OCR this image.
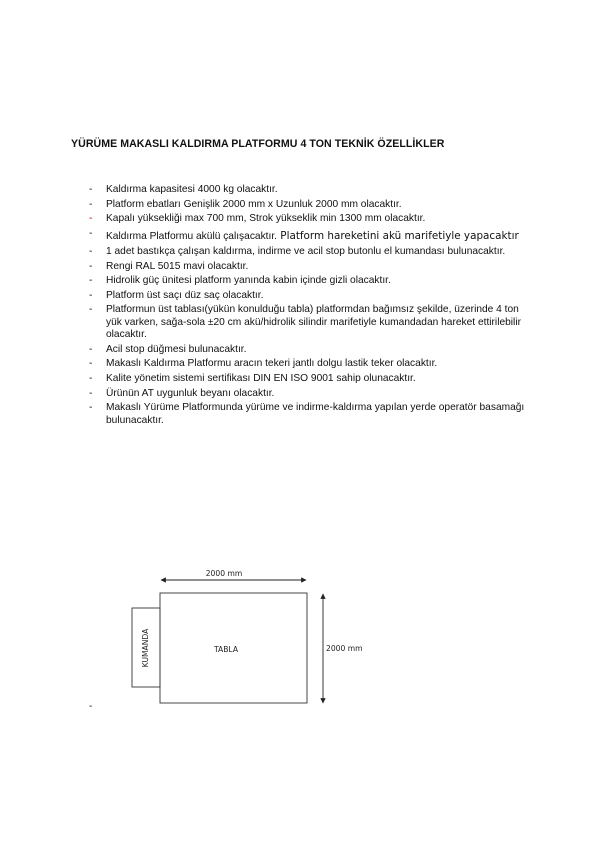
YÜRÜME MAKASLI KALDIRMA PLATFORMU 4 TON TEKNİK ÖZELLİKLER
- Kaldırma kapasitesi 4000 kg olacaktır.
- Platform ebatları Genişlik 2000 mm x Uzunluk 2000 mm olacaktır.
- Kapalı yüksekliği max 700 mm, Strok yükseklik min 1300 mm olacaktır.
- Kaldırma Platformu akülü çalışacaktır. Platform hareketini akü marifetiyle yapacaktır
- 1 adet bastıkça çalışan kaldırma, indirme ve acil stop butonlu el kumandası bulunacaktır.
- Rengi RAL 5015 mavi olacaktır.
- Hidrolik güç ünitesi platform yanında kabin içinde gizli olacaktır.
- Platform üst saçı düz saç olacaktır.
- Platformun üst tablası(yükün konulduğu tabla) platformdan bağımsız şekilde, üzerinde 4 ton yük varken, sağa-sola ±20 cm akü/hidrolik silindir marifetiyle kumandadan hareket ettirilebilir olacaktır.
- Acil stop düğmesi bulunacaktır.
- Makaslı Kaldırma Platformu aracın tekeri jantlı dolgu lastik teker olacaktır.
- Kalite yönetim sistemi sertifikası DIN EN ISO 9001 sahip olunacaktır.
- Ürünün AT uygunluk beyanı olacaktır.
- Makaslı Yürüme Platformunda yürüme ve indirme-kaldırma yapılan yerde operatör basamağı bulunacaktır.
2000 mm
TABLA
KUMANDA	2000 mm
-
